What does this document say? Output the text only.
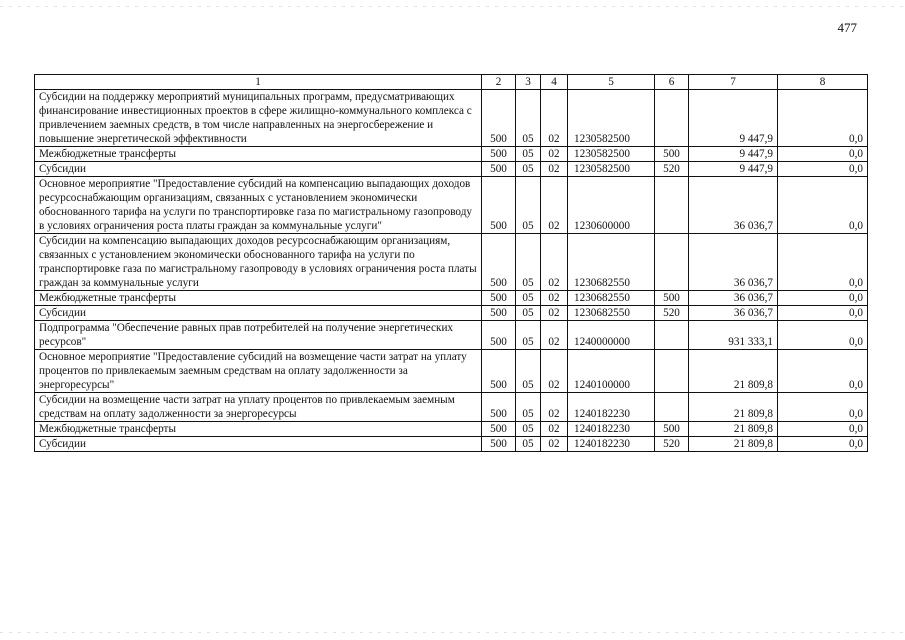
477
1	2	3	4	5	6	7	8
Субсидии на поддержку мероприятий муниципальных программ, предусматривающих финансирование инвестиционных проектов в сфере жилищно-коммунального комплекса с привлечением заемных средств, в том числе направленных на энергосбережение и повышение энергетической эффективности	500	05	02	1230582500		9 447,9	0,0
Межбюджетные трансферты	500	05	02	1230582500	500	9 447,9	0,0
Субсидии	500	05	02	1230582500	520	9 447,9	0,0
Основное мероприятие "Предоставление субсидий на компенсацию выпадающих доходов ресурсоснабжающим организациям, связанных с установлением экономически обоснованного тарифа на услуги по транспортировке газа по магистральному газопроводу в условиях ограничения роста платы граждан за коммунальные услуги"	500	05	02	1230600000		36 036,7	0,0
Субсидии на компенсацию выпадающих доходов ресурсоснабжающим организациям, связанных с установлением экономически обоснованного тарифа на услуги по транспортировке газа по магистральному газопроводу в условиях ограничения роста платы граждан за коммунальные услуги	500	05	02	1230682550		36 036,7	0,0
Межбюджетные трансферты	500	05	02	1230682550	500	36 036,7	0,0
Субсидии	500	05	02	1230682550	520	36 036,7	0,0
Подпрограмма "Обеспечение равных прав потребителей на получение энергетических ресурсов"	500	05	02	1240000000		931 333,1	0,0
Основное мероприятие "Предоставление субсидий на возмещение части затрат на уплату процентов по привлекаемым заемным средствам на оплату задолженности за энергоресурсы"	500	05	02	1240100000		21 809,8	0,0
Субсидии на возмещение части затрат на уплату процентов по привлекаемым заемным средствам на оплату задолженности за энергоресурсы	500	05	02	1240182230		21 809,8	0,0
Межбюджетные трансферты	500	05	02	1240182230	500	21 809,8	0,0
Субсидии	500	05	02	1240182230	520	21 809,8	0,0
